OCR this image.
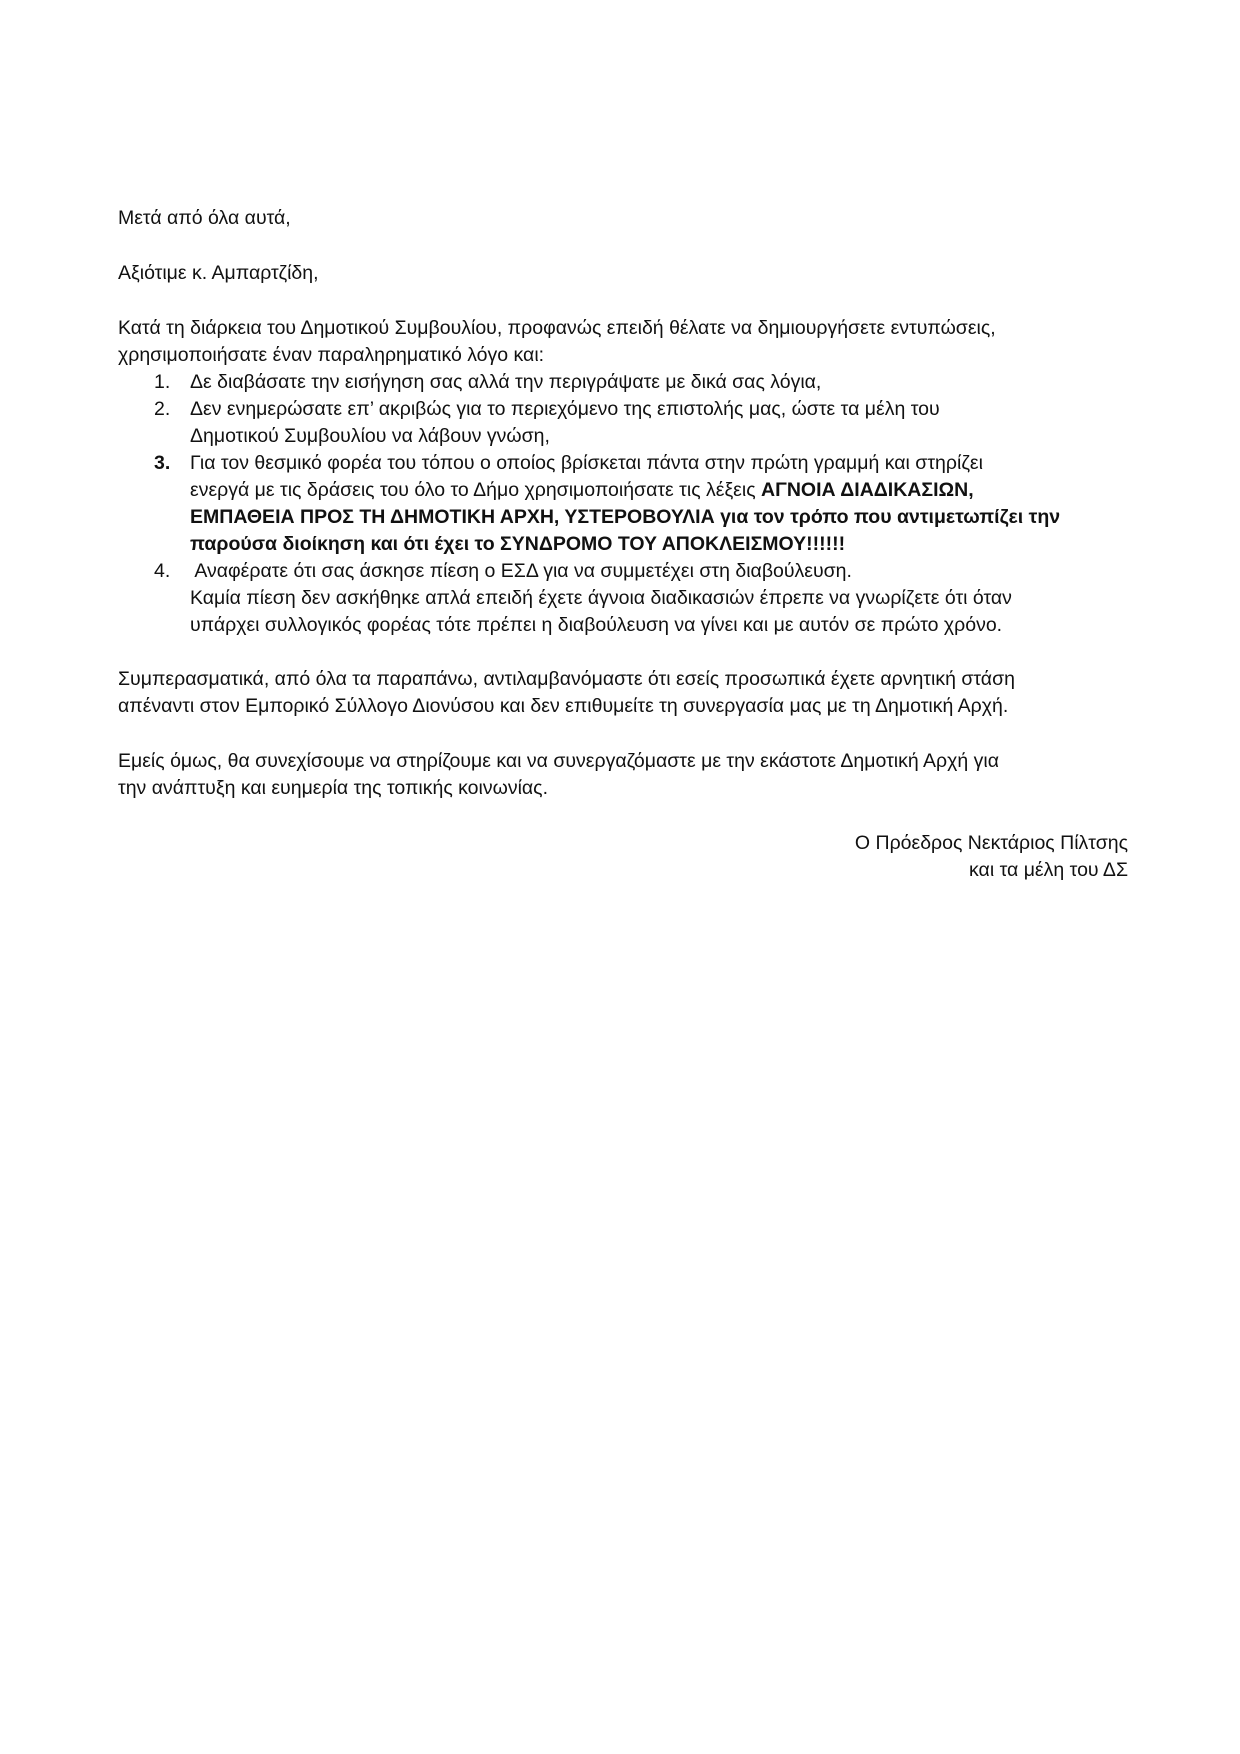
Μετά από όλα αυτά,

Αξιότιμε κ. Αμπαρτζίδη,

Κατά τη διάρκεια του Δημοτικού Συμβουλίου, προφανώς επειδή θέλατε να δημιουργήσετε εντυπώσεις,
χρησιμοποιήσατε έναν παραληρηματικό λόγο και:
1.	Δε διαβάσατε την εισήγηση σας αλλά την περιγράψατε με δικά σας λόγια,
2.	Δεν ενημερώσατε επ’ ακριβώς για το περιεχόμενο της επιστολής μας, ώστε τα μέλη του
Δημοτικού Συμβουλίου να λάβουν γνώση,
3.	Για τον θεσμικό φορέα του τόπου ο οποίος βρίσκεται πάντα στην πρώτη γραμμή και στηρίζει
ενεργά με τις δράσεις του όλο το Δήμο χρησιμοποιήσατε τις λέξεις ΑΓΝΟΙΑ ΔΙΑΔΙΚΑΣΙΩΝ,
ΕΜΠΑΘΕΙΑ ΠΡΟΣ ΤΗ ΔΗΜΟΤΙΚΗ ΑΡΧΗ, ΥΣΤΕΡΟΒΟΥΛΙΑ για τον τρόπο που αντιμετωπίζει την
παρούσα διοίκηση και ότι έχει το ΣΥΝΔΡΟΜΟ ΤΟΥ ΑΠΟΚΛΕΙΣΜΟΥ!!!!!!
4.	Αναφέρατε ότι σας άσκησε πίεση ο ΕΣΔ για να συμμετέχει στη διαβούλευση.
Καμία πίεση δεν ασκήθηκε απλά επειδή έχετε άγνοια διαδικασιών έπρεπε να γνωρίζετε ότι όταν
υπάρχει συλλογικός φορέας τότε πρέπει η διαβούλευση να γίνει και με αυτόν σε πρώτο χρόνο.
Συμπερασματικά, από όλα τα παραπάνω, αντιλαμβανόμαστε ότι εσείς προσωπικά έχετε αρνητική στάση
απέναντι στον Εμπορικό Σύλλογο Διονύσου και δεν επιθυμείτε τη συνεργασία μας με τη Δημοτική Αρχή.
Εμείς όμως, θα συνεχίσουμε να στηρίζουμε και να συνεργαζόμαστε με την εκάστοτε Δημοτική Αρχή για
την ανάπτυξη και ευημερία της τοπικής κοινωνίας.
Ο Πρόεδρος Νεκτάριος Πίλτσης
και τα μέλη του ΔΣ
